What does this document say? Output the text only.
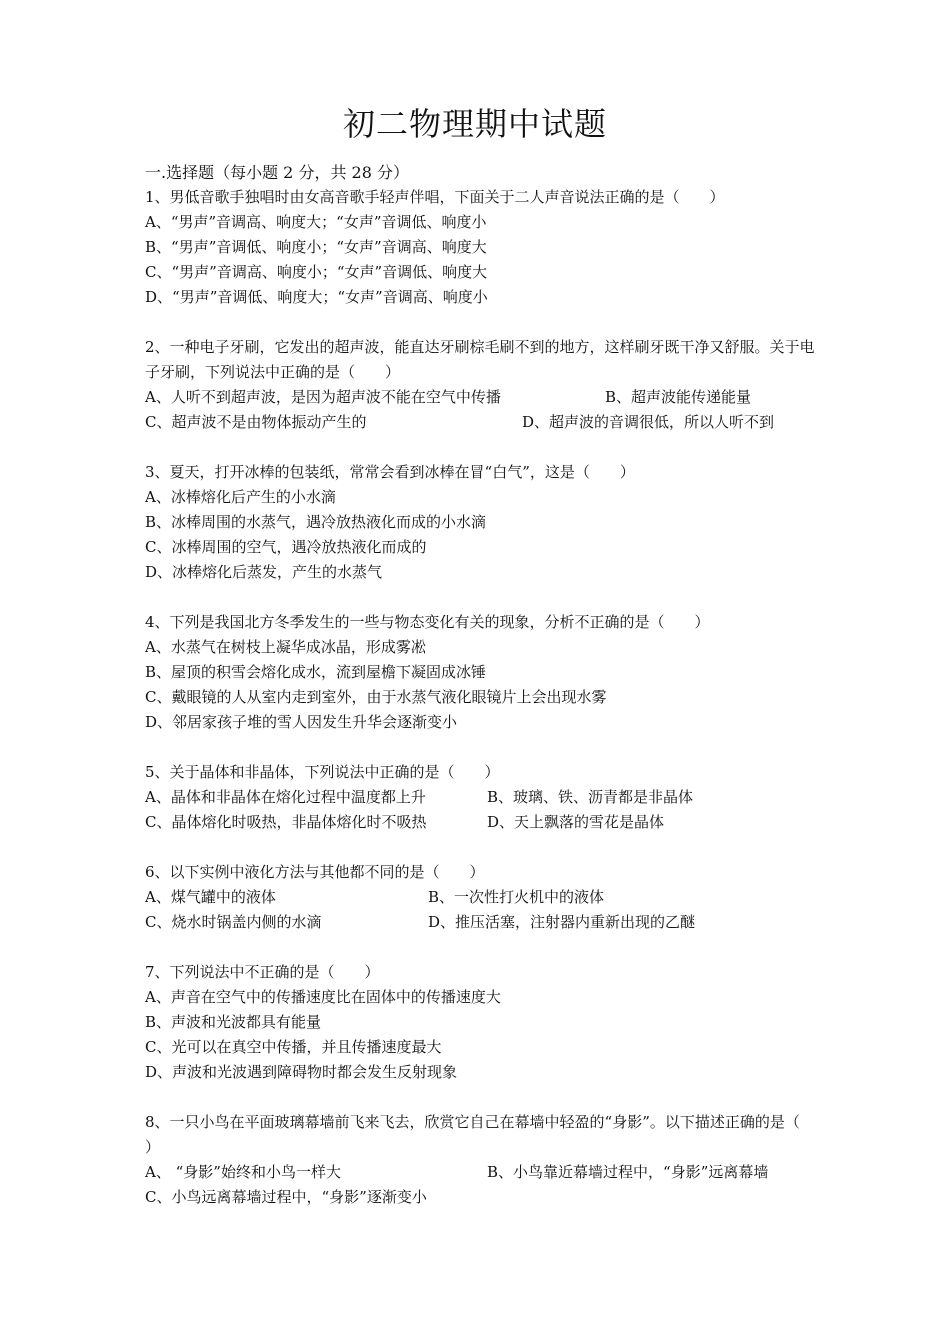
初二物理期中试题
一.选择题（每小题 2 分，共 28 分）
1、男低音歌手独唱时由女高音歌手轻声伴唱，下面关于二人声音说法正确的是（　　）
A、“男声”音调高、响度大；“女声”音调低、响度小
B、“男声”音调低、响度小；“女声”音调高、响度大
C、“男声”音调高、响度小；“女声”音调低、响度大
D、“男声”音调低、响度大；“女声”音调高、响度小
2、一种电子牙刷，它发出的超声波，能直达牙刷棕毛刷不到的地方，这样刷牙既干净又舒服。关于电子牙刷，下列说法中正确的是（　　）
A、人听不到超声波，是因为超声波不能在空气中传播	B、超声波能传递能量
C、超声波不是由物体振动产生的	D、超声波的音调很低，所以人听不到
3、夏天，打开冰棒的包装纸，常常会看到冰棒在冒“白气”，这是（　　）
A、冰棒熔化后产生的小水滴
B、冰棒周围的水蒸气，遇冷放热液化而成的小水滴
C、冰棒周围的空气，遇冷放热液化而成的
D、冰棒熔化后蒸发，产生的水蒸气
4、下列是我国北方冬季发生的一些与物态变化有关的现象，分析不正确的是（　　）
A、水蒸气在树枝上凝华成冰晶，形成雾凇
B、屋顶的积雪会熔化成水，流到屋檐下凝固成冰锤
C、戴眼镜的人从室内走到室外，由于水蒸气液化眼镜片上会出现水雾
D、邻居家孩子堆的雪人因发生升华会逐渐变小
5、关于晶体和非晶体，下列说法中正确的是（　　）
A、晶体和非晶体在熔化过程中温度都上升	B、玻璃、铁、沥青都是非晶体
C、晶体熔化时吸热，非晶体熔化时不吸热	D、天上飘落的雪花是晶体
6、以下实例中液化方法与其他都不同的是（　　）
A、煤气罐中的液体	B、一次性打火机中的液体
C、烧水时锅盖内侧的水滴	D、推压活塞，注射器内重新出现的乙醚
7、下列说法中不正确的是（　　）
A、声音在空气中的传播速度比在固体中的传播速度大
B、声波和光波都具有能量
C、光可以在真空中传播，并且传播速度最大
D、声波和光波遇到障碍物时都会发生反射现象
8、一只小鸟在平面玻璃幕墙前飞来飞去，欣赏它自己在幕墙中轻盈的“身影”。以下描述正确的是（　　）
A、 “身影”始终和小鸟一样大	B、小鸟靠近幕墙过程中，“身影”远离幕墙
C、小鸟远离幕墙过程中，“身影”逐渐变小
